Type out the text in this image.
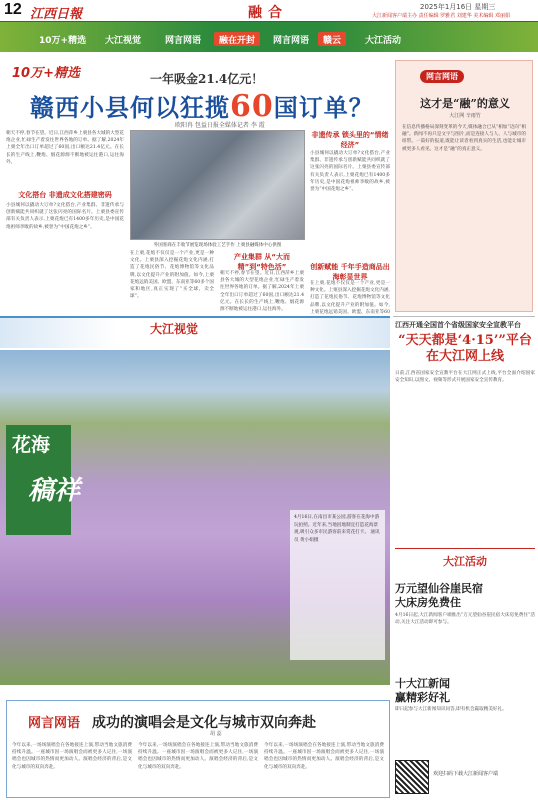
12 江西日報	融合	2025年1月16日 星期三
大江新闻客户端主办 责任编辑 罗雅君 刘建华 美术编辑 邓丽娟
10万+精选	大江视觉	网言网语	融在开封	网言网语	赣云	大江活动
10万+精选	一年吸金21.4亿元！
赣西小县何以狂揽60国订单？
欧阳冉 包益日报全媒体记者 李 霞
朝天不停,春节在望。近日,江西萍乡上栗县各大城的大型花炮企业,忙碌生产着发往世界各地的订单。据了解,2024年上栗全年出口订单超过了60国,出口额达21.4亿元。在长长的生产线上,鞭炮、烟花源源不断地被运往港口,运往海外。
文化搭台 非遗成文化搭建密码
小县城何以撬动大订单?文化搭台,产业集群、非遗传承与创新赋能共同织就了这张闪亮的国际名片。上栗县委宣传部有关负责人表示,上栗花炮已有1400多年历史,是中国花炮祖师李畋的故乡,被誉为“中国花炮之乡”。
外国客商在丰收节展览现场体验工艺手作 上栗县融媒体中心供图
在上栗,花炮不仅仅是一个产业,更是一种文化。上栗县深入挖掘花炮文化内涵,打造了花炮民俗节、花炮博物馆等文化品牌,以文化提升产业的附加值。如今,上栗花炮远销美国、欧盟、东南亚等60多个国家和地区,真正实现了“买全球、卖全球”。
产业集群 从“大而精”到“特色活”
朝天不停,春节在望。近日,江西萍乡上栗县各大城的大型花炮企业,忙碌生产着发往世界各地的订单。据了解,2024年上栗全年出口订单超过了60国,出口额达21.4亿元。在长长的生产线上,鞭炮、烟花源源不断地被运往港口,运往海外。
非遗传承 锁头里的“情绪经济”
小县城何以撬动大订单?文化搭台,产业集群、非遗传承与创新赋能共同织就了这张闪亮的国际名片。上栗县委宣传部有关负责人表示,上栗花炮已有1400多年历史,是中国花炮祖师李畋的故乡,被誉为“中国花炮之乡”。
创新赋能 千年手造商品出海彰显世界
在上栗,花炮不仅仅是一个产业,更是一种文化。上栗县深入挖掘花炮文化内涵,打造了花炮民俗节、花炮博物馆等文化品牌,以文化提升产业的附加值。如今,上栗花炮远销美国、欧盟、东南亚等60
网言网语
这才是“融”的意义
大江网 辛雨竹
在信息传播格局深刻变革的今天,媒体融合已从“相加”迈向“相融”。新闻不再只是文字与图片,而是连接人与人、人与城市的纽带。一篇好的报道,既能让读者看到真实的生活,也能让城市被更多人看见。这才是“融”的真正意义。
大江视觉
花海
稿祥
4月16日,在南昌市某公园,游客在花海中游玩拍照。近年来,当地因地制宜打造花海景观,吸引众多市民游客前来赏花打卡。 通讯员 黄小娟摄
网言网语 成功的演唱会是文化与城市双向奔赴
胡 蕊
今年以来,一场场演唱会在各地接连上演,带动当地文旅消费持续升温。一座城市因一场演唱会而被更多人记住,一场演唱会也因城市的热情而更加动人。演唱会经济的背后,是文化与城市的双向奔赴。
今年以来,一场场演唱会在各地接连上演,带动当地文旅消费持续升温。一座城市因一场演唱会而被更多人记住,一场演唱会也因城市的热情而更加动人。演唱会经济的背后,是文化与城市的双向奔赴。
今年以来,一场场演唱会在各地接连上演,带动当地文旅消费持续升温。一座城市因一场演唱会而被更多人记住,一场演唱会也因城市的热情而更加动人。演唱会经济的背后,是文化与城市的双向奔赴。
江西开通全国首个省级国家安全宣教平台
“天天都是‘4·15’”平台在大江网上线
日前,江西省国家安全宣教平台在大江网正式上线,平台全面介绍国家安全知识,以图文、视频等形式开展国家安全宣传教育。
大江活动
万元望仙谷崖民宿
大床房免费住
4月16日起,大江新闻客户端推出“万元望仙谷崖民宿大床房免费住”活动,关注大江活动即可参与。
十大江新闻
赢精彩好礼
即日起参与大江新闻知识问答,即有机会赢取精美好礼。
欢迎扫码下载大江新闻客户端
